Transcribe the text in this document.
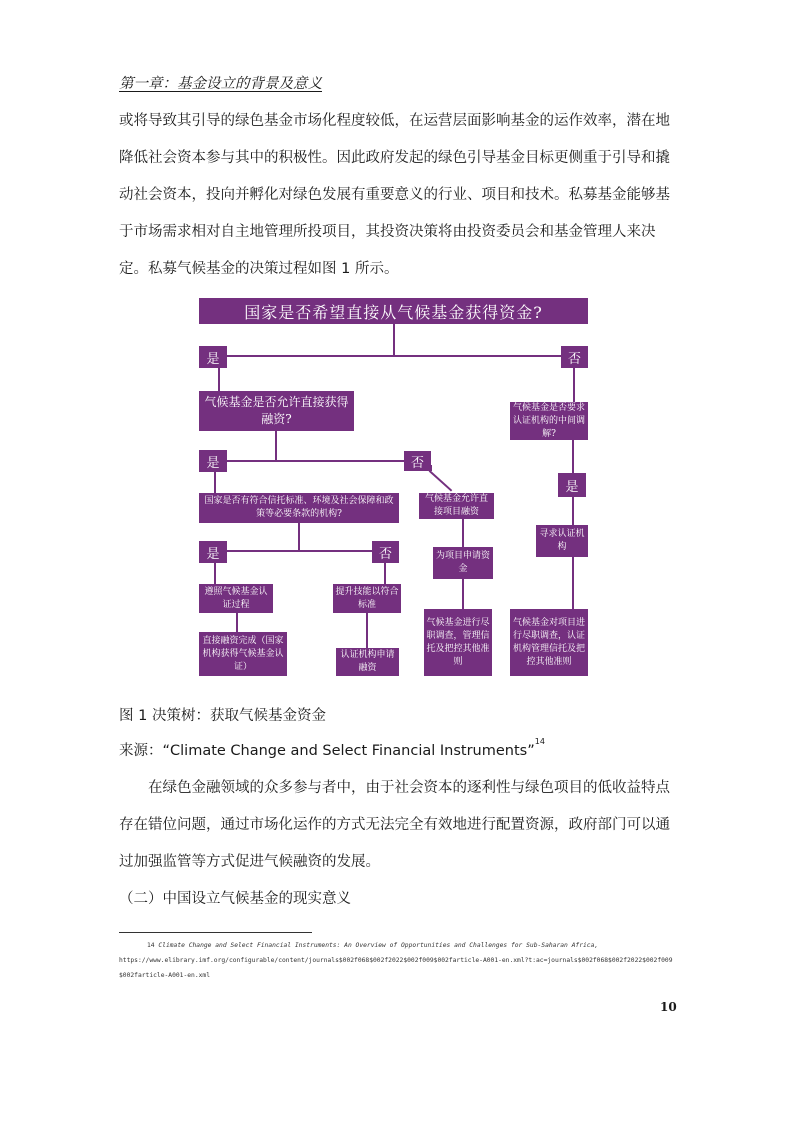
第一章：基金设立的背景及意义
或将导致其引导的绿色基金市场化程度较低，在运营层面影响基金的运作效率，潜在地降低社会资本参与其中的积极性。因此政府发起的绿色引导基金目标更侧重于引导和撬动社会资本，投向并孵化对绿色发展有重要意义的行业、项目和技术。私募基金能够基于市场需求相对自主地管理所投项目，其投资决策将由投资委员会和基金管理人来决定。私募气候基金的决策过程如图 1 所示。
国家是否希望直接从气候基金获得资金?
是	否
气候基金是否允许直接获得融资?
气候基金是否要求认证机构的中间调解?
是	否
是
国家是否有符合信托标准、环境及社会保障和政策等必要条款的机构?
气候基金允许直接项目融资
寻求认证机构
是	否	为项目申请资金
遵照气候基金认证过程
提升技能以符合标准
气候基金进行尽职调查，管理信托及把控其他准则
气候基金对项目进行尽职调查，认证机构管理信托及把控其他准则
直接融资完成（国家机构获得气候基金认证）
认证机构申请融资
图 1 决策树：获取气候基金资金
来源：“Climate Change and Select Financial Instruments”$^{14}$
在绿色金融领域的众多参与者中，由于社会资本的逐利性与绿色项目的低收益特点存在错位问题，通过市场化运作的方式无法完全有效地进行配置资源，政府部门可以通过加强监管等方式促进气候融资的发展。
（二）中国设立气候基金的现实意义
14 Climate Change and Select Financial Instruments: An Overview of Opportunities and Challenges for Sub-Saharan Africa,
https://www.elibrary.imf.org/configurable/content/journals$002f068$002f2022$002f009$002farticle-A001-en.xml?t:ac=journals$002f068$002f2022$002f009$002farticle-A001-en.xml
10
